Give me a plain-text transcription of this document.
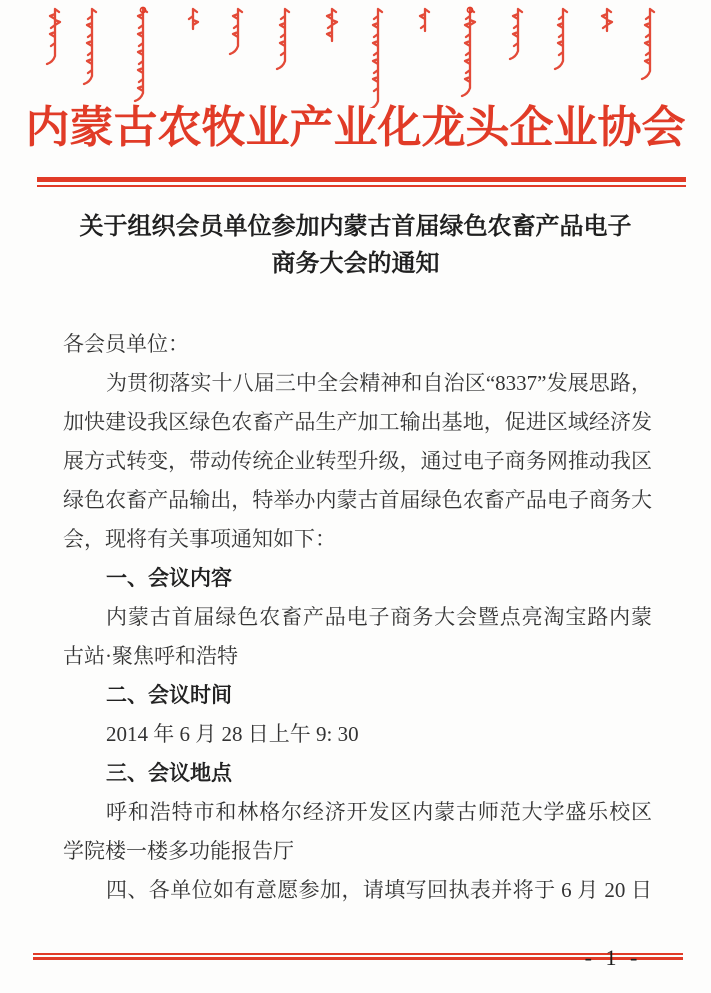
内蒙古农牧业产业化龙头企业协会
关于组织会员单位参加内蒙古首届绿色农畜产品电子
商务大会的通知
各会员单位：
为贯彻落实十八届三中全会精神和自治区“8337”发展思路，
加快建设我区绿色农畜产品生产加工输出基地，促进区域经济发
展方式转变，带动传统企业转型升级，通过电子商务网推动我区
绿色农畜产品输出，特举办内蒙古首届绿色农畜产品电子商务大
会，现将有关事项通知如下：
一、会议内容
内蒙古首届绿色农畜产品电子商务大会暨点亮淘宝路内蒙
古站·聚焦呼和浩特
二、会议时间
2014 年 6 月 28 日上午 9: 30
三、会议地点
呼和浩特市和林格尔经济开发区内蒙古师范大学盛乐校区
学院楼一楼多功能报告厅
四、各单位如有意愿参加，请填写回执表并将于 6 月 20 日
- 1 -
